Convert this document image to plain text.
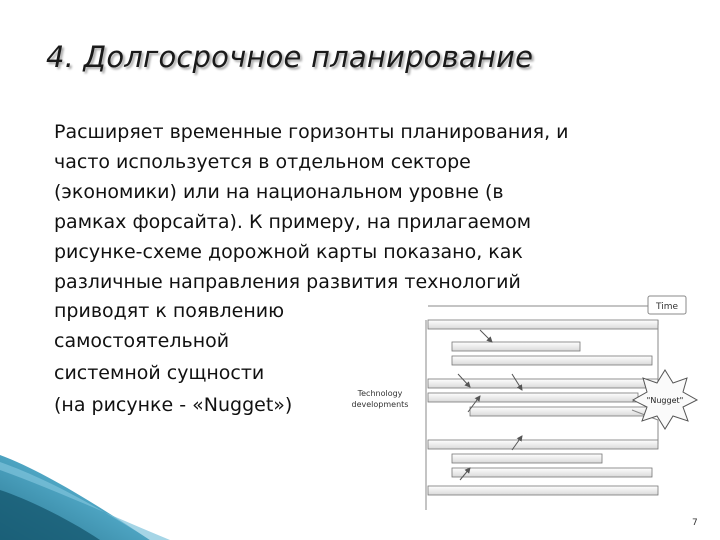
4. Долгосрочное планирование
Расширяет временные горизонты планирования, и
часто используется в отдельном секторе
(экономики) или на национальном уровне (в
рамках форсайта). К примеру, на прилагаемом
рисунке-схеме дорожной карты показано, как
различные направления развития технологий
приводят к появлению
самостоятельной
системной сущности
(на рисунке - «Nugget»)
Time
"Nugget"
Technology
developments
7
